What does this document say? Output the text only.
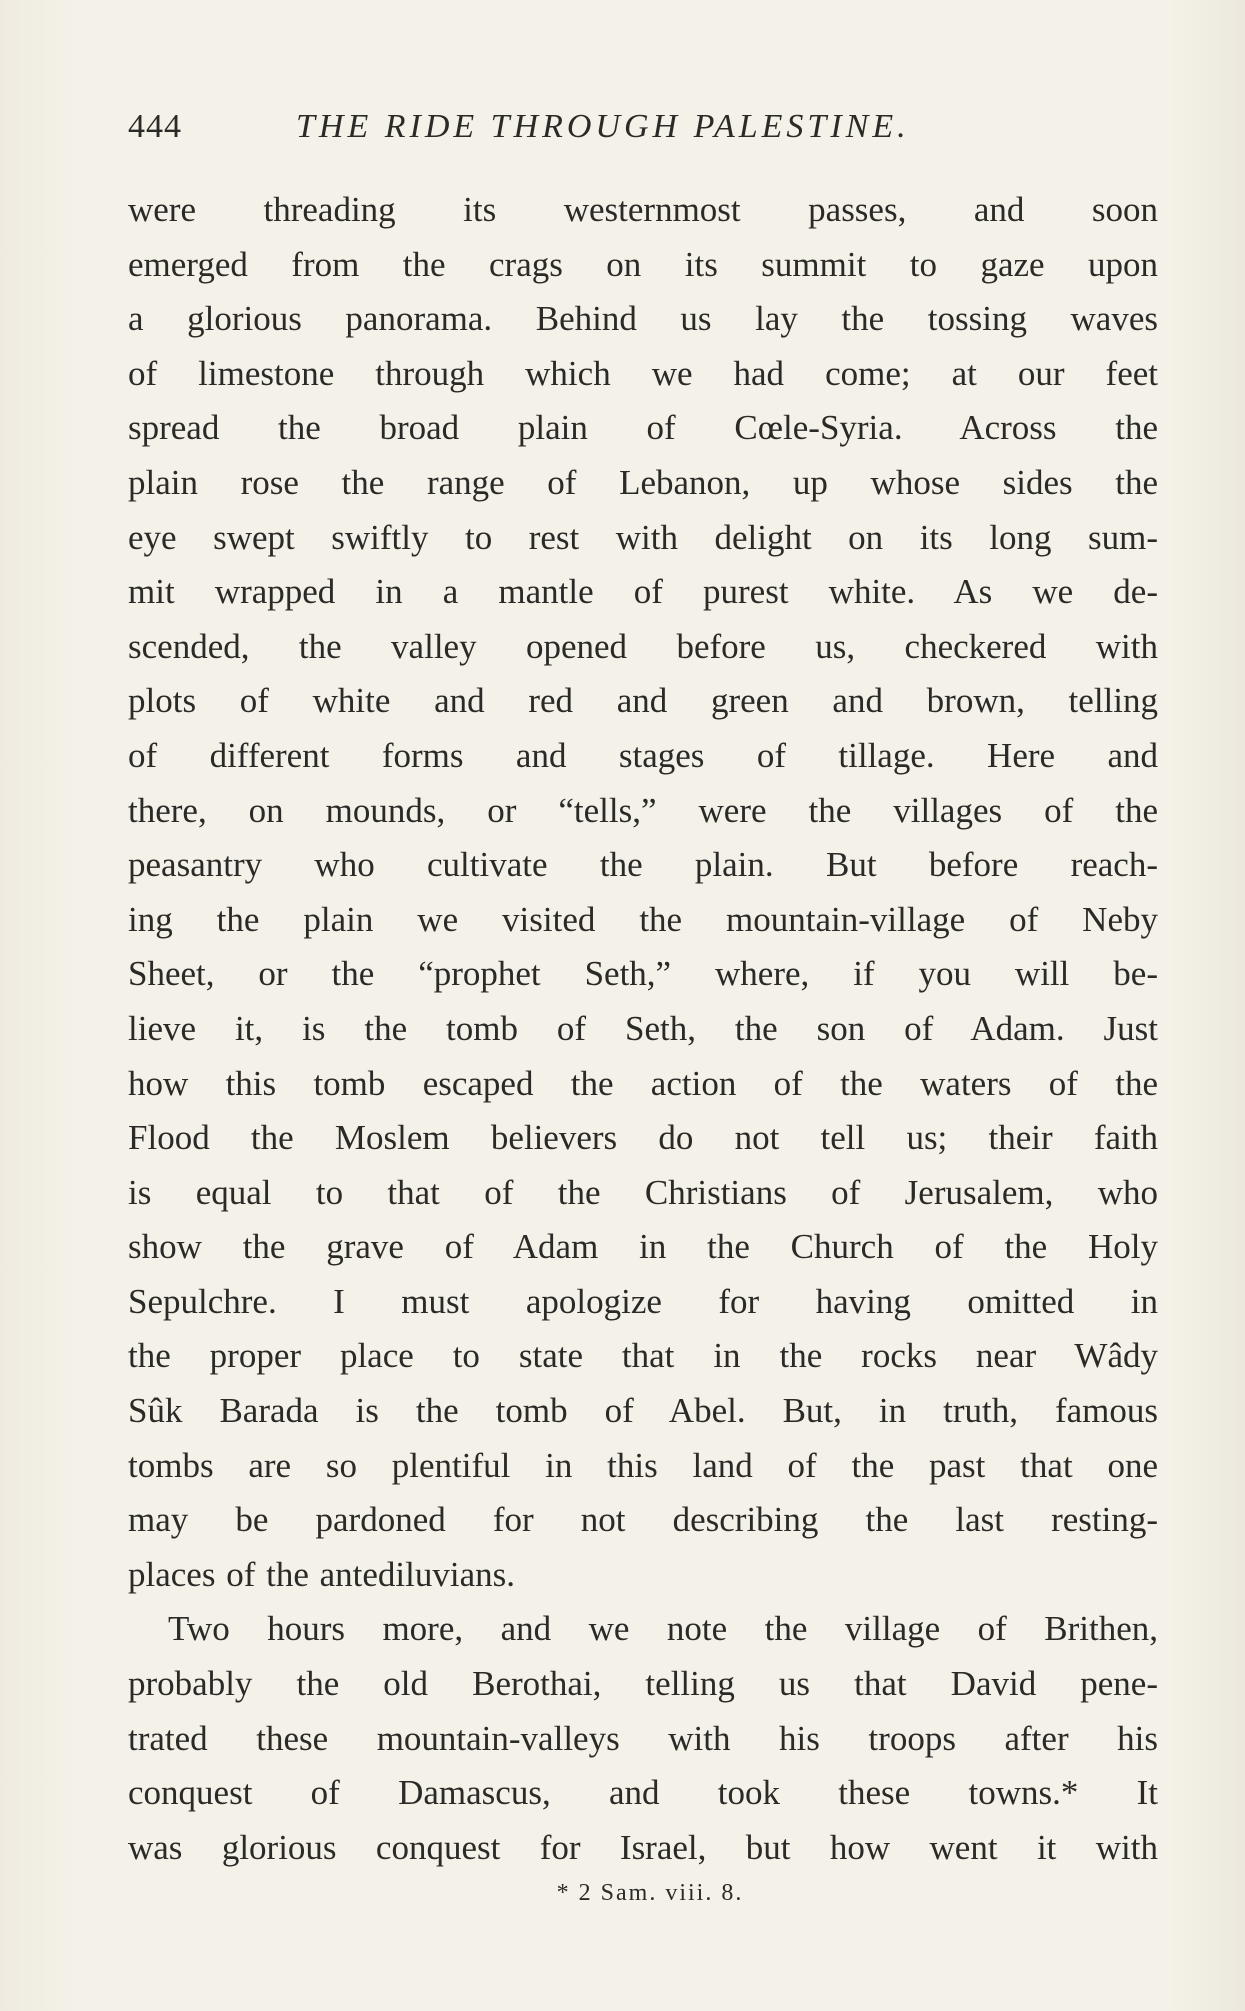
444	THE RIDE THROUGH PALESTINE.
were threading its westernmost passes, and soon
emerged from the crags on its summit to gaze upon
a glorious panorama. Behind us lay the tossing waves
of limestone through which we had come; at our feet
spread the broad plain of Cœle-Syria. Across the
plain rose the range of Lebanon, up whose sides the
eye swept swiftly to rest with delight on its long sum-
mit wrapped in a mantle of purest white. As we de-
scended, the valley opened before us, checkered with
plots of white and red and green and brown, telling
of different forms and stages of tillage. Here and
there, on mounds, or “tells,” were the villages of the
peasantry who cultivate the plain. But before reach-
ing the plain we visited the mountain-village of Neby
Sheet, or the “prophet Seth,” where, if you will be-
lieve it, is the tomb of Seth, the son of Adam. Just
how this tomb escaped the action of the waters of the
Flood the Moslem believers do not tell us; their faith
is equal to that of the Christians of Jerusalem, who
show the grave of Adam in the Church of the Holy
Sepulchre. I must apologize for having omitted in
the proper place to state that in the rocks near Wâdy
Sûk Barada is the tomb of Abel. But, in truth, famous
tombs are so plentiful in this land of the past that one
may be pardoned for not describing the last resting-
places of the antediluvians.
Two hours more, and we note the village of Brithen,
probably the old Berothai, telling us that David pene-
trated these mountain-valleys with his troops after his
conquest of Damascus, and took these towns.* It
was glorious conquest for Israel, but how went it with
* 2 Sam. viii. 8.
